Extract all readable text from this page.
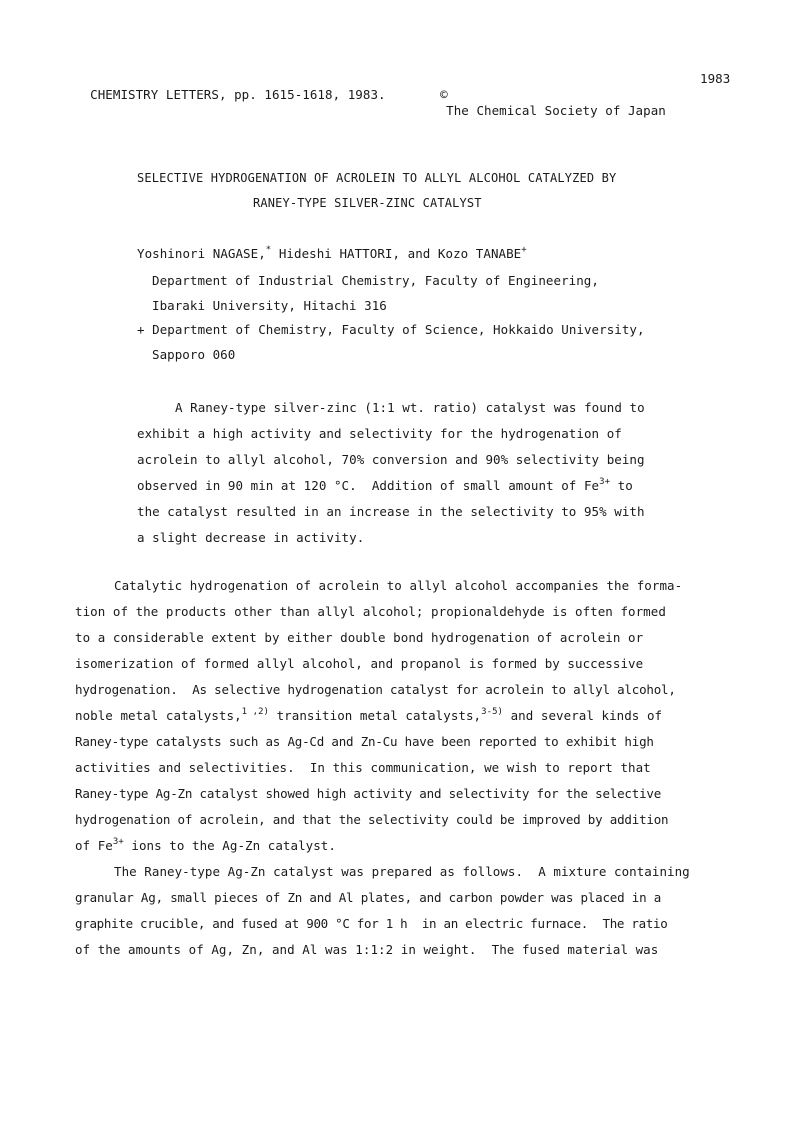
CHEMISTRY LETTERS, pp. 1615-1618, 1983.	©
The Chemical Society of Japan

1983
SELECTIVE HYDROGENATION OF ACROLEIN TO ALLYL ALCOHOL CATALYZED BY
RANEY-TYPE SILVER-ZINC CATALYST
Yoshinori NAGASE,* Hideshi HATTORI, and Kozo TANABE+
Department of Industrial Chemistry, Faculty of Engineering,
Ibaraki University, Hitachi 316
+ Department of Chemistry, Faculty of Science, Hokkaido University,
Sapporo 060
A Raney-type silver-zinc (1:1 wt. ratio) catalyst was found to
exhibit a high activity and selectivity for the hydrogenation of
acrolein to allyl alcohol, 70% conversion and 90% selectivity being
observed in 90 min at 120 °C.  Addition of small amount of $Fe^{3+}$ to
the catalyst resulted in an increase in the selectivity to 95% with
a slight decrease in activity.
Catalytic hydrogenation of acrolein to allyl alcohol accompanies the forma-
tion of the products other than allyl alcohol; propionaldehyde is often formed
to a considerable extent by either double bond hydrogenation of acrolein or
isomerization of formed allyl alcohol, and propanol is formed by successive
hydrogenation.  As selective hydrogenation catalyst for acrolein to allyl alcohol,
noble metal catalysts,$^{1 ,2)}$ transition metal catalysts,$^{3-5)}$ and several kinds of
Raney-type catalysts such as Ag-Cd and Zn-Cu have been reported to exhibit high
activities and selectivities.  In this communication, we wish to report that
Raney-type Ag-Zn catalyst showed high activity and selectivity for the selective
hydrogenation of acrolein, and that the selectivity could be improved by addition
of $Fe^{3+}$ ions to the Ag-Zn catalyst.
The Raney-type Ag-Zn catalyst was prepared as follows.  A mixture containing
granular Ag, small pieces of Zn and Al plates, and carbon powder was placed in a
graphite crucible, and fused at 900 °C for 1 h  in an electric furnace.  The ratio
of the amounts of Ag, Zn, and Al was 1:1:2 in weight.  The fused material was
